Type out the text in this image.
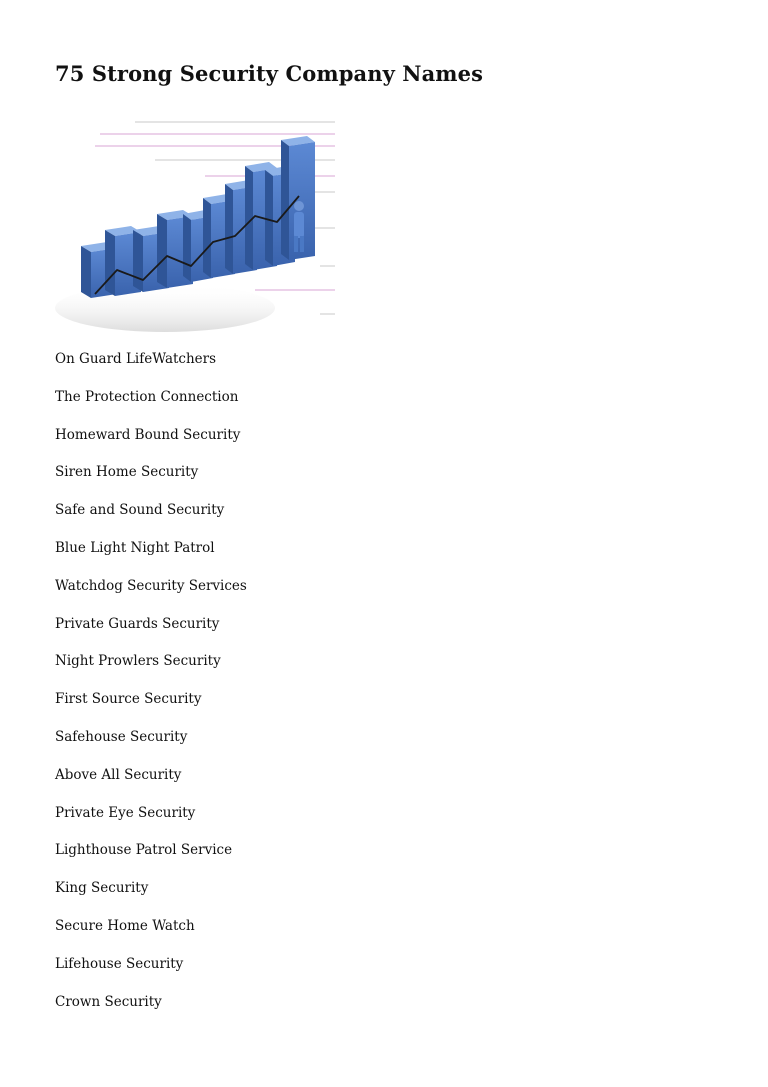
75 Strong Security Company Names
On Guard LifeWatchers
The Protection Connection
Homeward Bound Security
Siren Home Security
Safe and Sound Security
Blue Light Night Patrol
Watchdog Security Services
Private Guards Security
Night Prowlers Security
First Source Security
Safehouse Security
Above All Security
Private Eye Security
Lighthouse Patrol Service
King Security
Secure Home Watch
Lifehouse Security
Crown Security
